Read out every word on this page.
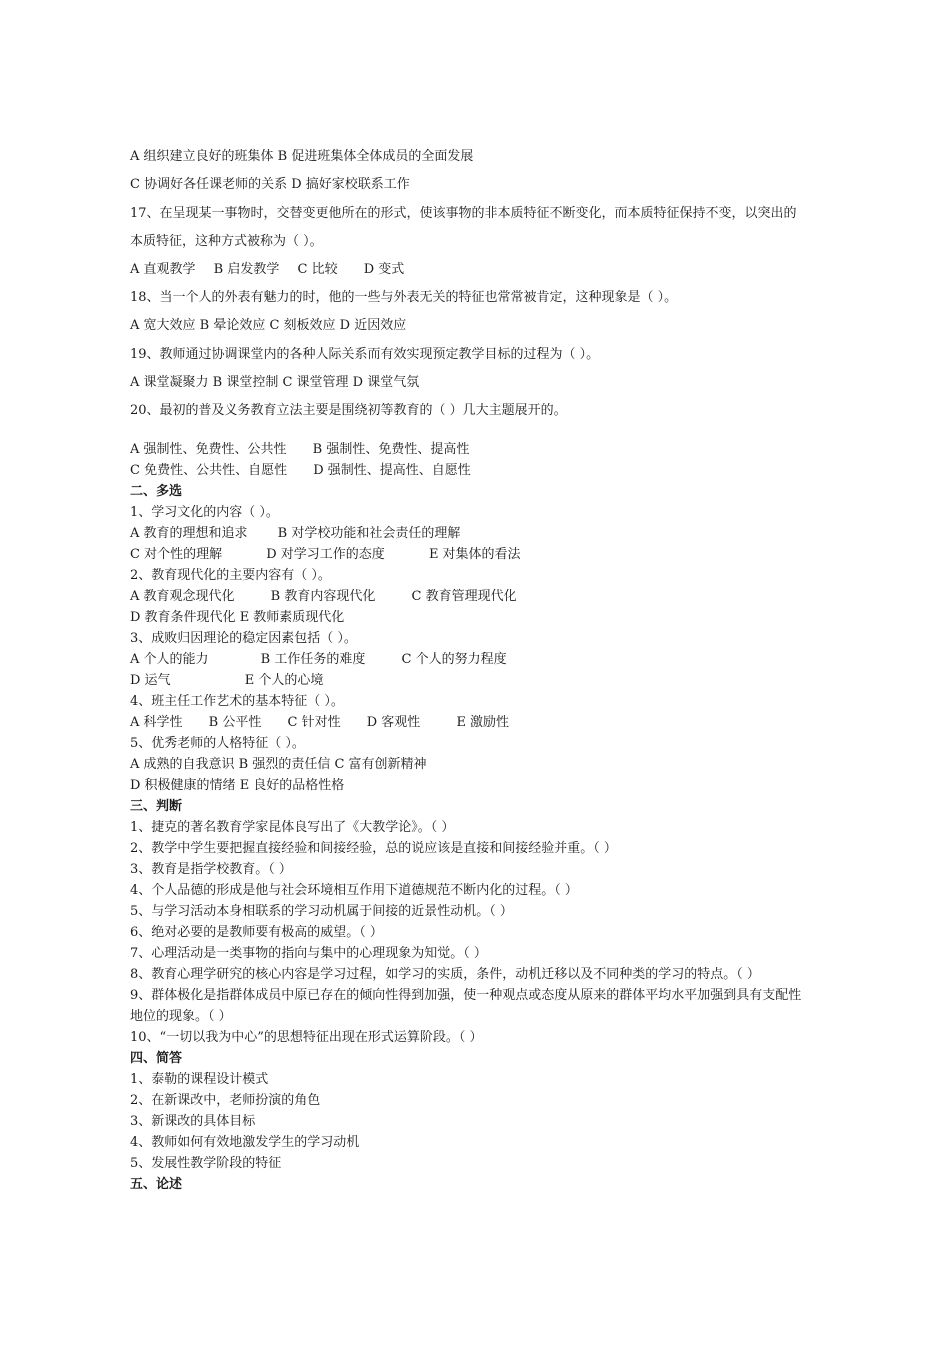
A 组织建立良好的班集体 B 促进班集体全体成员的全面发展
C 协调好各任课老师的关系 D 搞好家校联系工作
17、在呈现某一事物时，交替变更他所在的形式，使该事物的非本质特征不断变化，而本质特征保持不变，以突出的
本质特征，这种方式被称为（ ）。
A 直观教学 B 启发教学 C 比较 D 变式
18、当一个人的外表有魅力的时，他的一些与外表无关的特征也常常被肯定，这种现象是（ ）。
A 宽大效应 B 晕论效应 C 刻板效应 D 近因效应
19、教师通过协调课堂内的各种人际关系而有效实现预定教学目标的过程为（ ）。
A 课堂凝聚力 B 课堂控制 C 课堂管理 D 课堂气氛
20、最初的普及义务教育立法主要是围绕初等教育的（ ）几大主题展开的。
A 强制性、免费性、公共性 B 强制性、免费性、提高性
C 免费性、公共性、自愿性 D 强制性、提高性、自愿性
二、多选
1、学习文化的内容（ ）。
A 教育的理想和追求 B 对学校功能和社会责任的理解
C 对个性的理解	D 对学习工作的态度	E 对集体的看法
2、教育现代化的主要内容有（ ）。
A 教育观念现代化	B 教育内容现代化	C 教育管理现代化
D 教育条件现代化 E 教师素质现代化
3、成败归因理论的稳定因素包括（ ）。
A 个人的能力	B 工作任务的难度	C 个人的努力程度
D 运气	E 个人的心境
4、班主任工作艺术的基本特征（ ）。
A 科学性 B 公平性 C 针对性 D 客观性	E 激励性
5、优秀老师的人格特征（ ）。
A 成熟的自我意识 B 强烈的责任信 C 富有创新精神
D 积极健康的情绪 E 良好的品格性格
三、判断
1、捷克的著名教育学家昆体良写出了《大教学论》。（ ）
2、教学中学生要把握直接经验和间接经验，总的说应该是直接和间接经验并重。（ ）
3、教育是指学校教育。（ ）
4、个人品德的形成是他与社会环境相互作用下道德规范不断内化的过程。（ ）
5、与学习活动本身相联系的学习动机属于间接的近景性动机。（ ）
6、绝对必要的是教师要有极高的威望。（ ）
7、心理活动是一类事物的指向与集中的心理现象为知觉。（ ）
8、教育心理学研究的核心内容是学习过程，如学习的实质，条件，动机迁移以及不同种类的学习的特点。（ ）
9、群体极化是指群体成员中原已存在的倾向性得到加强，使一种观点或态度从原来的群体平均水平加强到具有支配性
地位的现象。（ ）
10、“一切以我为中心”的思想特征出现在形式运算阶段。（ ）
四、简答
1、泰勒的课程设计模式
2、在新课改中，老师扮演的角色
3、新课改的具体目标
4、教师如何有效地激发学生的学习动机
5、发展性教学阶段的特征
五、论述
